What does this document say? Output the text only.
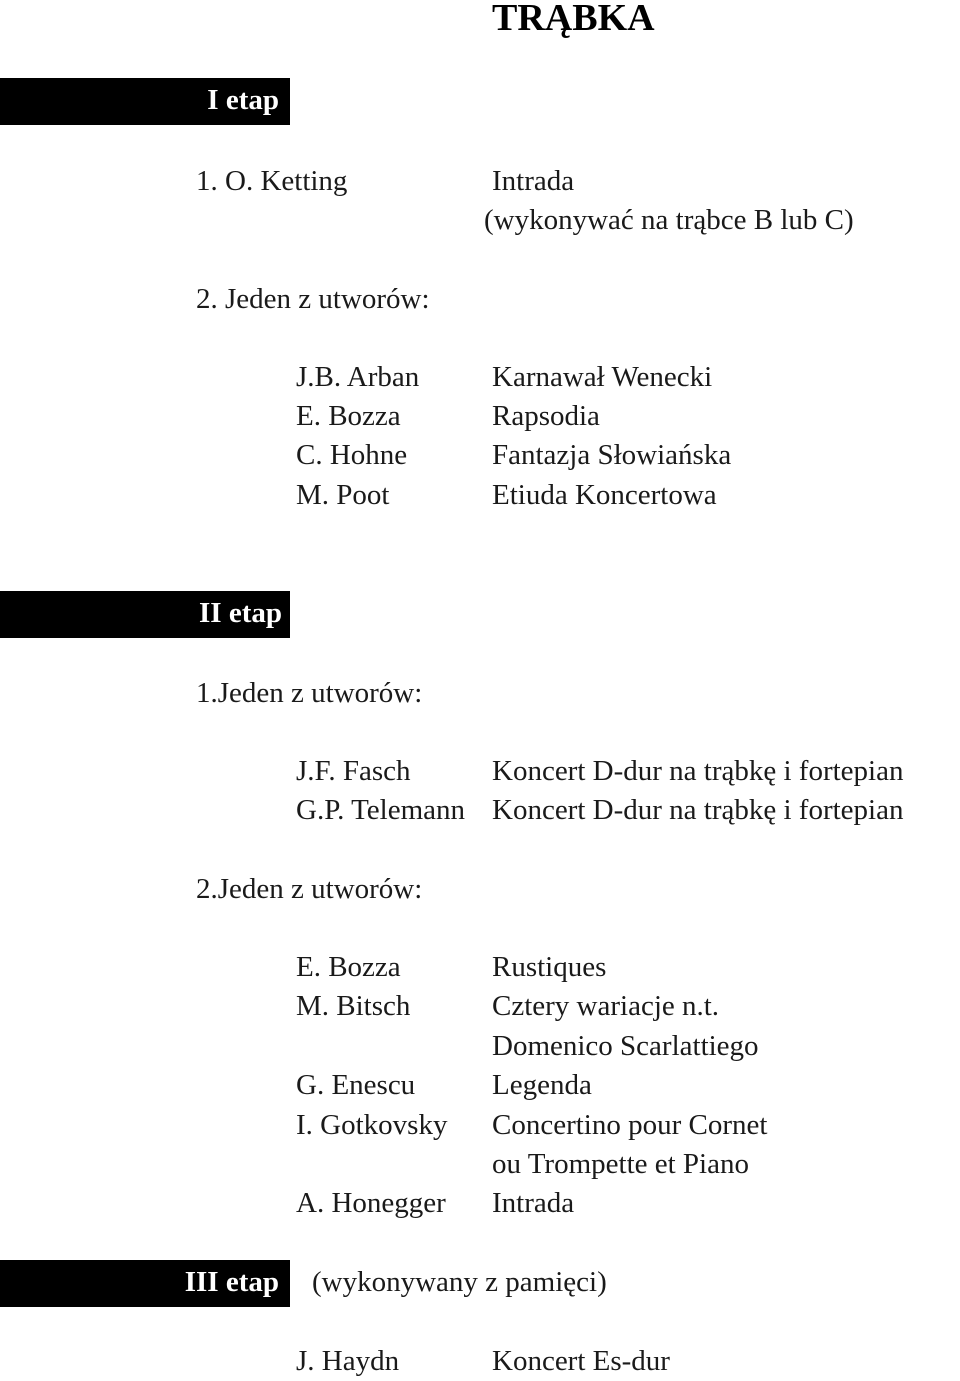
TRĄBKA
I etap
1. O. Ketting	Intrada
(wykonywać na trąbce B lub C)
2. Jeden z utworów:
J.B. Arban	Karnawał Wenecki
E. Bozza	Rapsodia
C. Hohne	Fantazja Słowiańska
M. Poot	Etiuda Koncertowa
II etap
1.Jeden z utworów:
J.F. Fasch	Koncert D-dur na trąbkę i fortepian
G.P. Telemann Koncert D-dur na trąbkę i fortepian
2.Jeden z utworów:
E. Bozza	Rustiques
M. Bitsch	Cztery wariacje n.t.
Domenico Scarlattiego
G. Enescu	Legenda
I. Gotkovsky Concertino pour Cornet
ou Trompette et Piano
A. Honegger Intrada
III etap (wykonywany z pamięci)
J. Haydn	Koncert Es-dur
